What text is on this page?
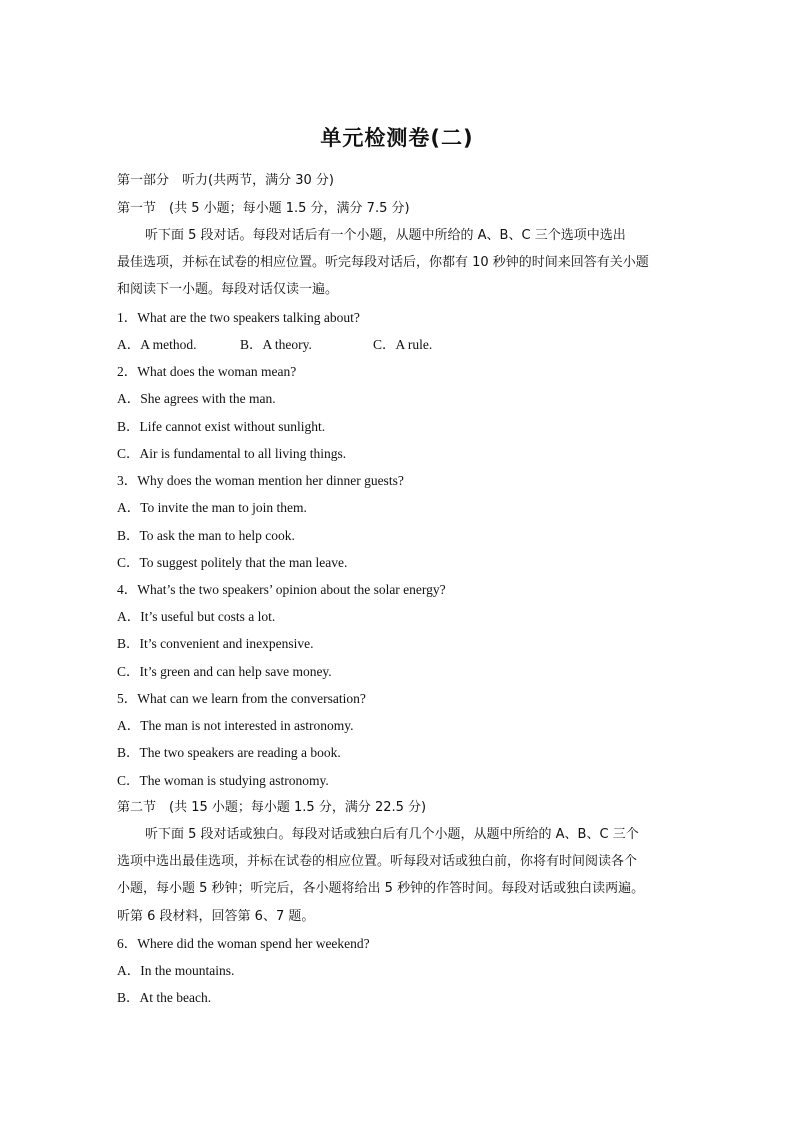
单元检测卷(二)
第一部分　听力(共两节，满分 30 分)
第一节　(共 5 小题；每小题 1.5 分，满分 7.5 分)
听下面 5 段对话。每段对话后有一个小题，从题中所给的 A、B、C 三个选项中选出
最佳选项，并标在试卷的相应位置。听完每段对话后，你都有 10 秒钟的时间来回答有关小题
和阅读下一小题。每段对话仅读一遍。
1．What are the two speakers talking about?
A．A method.	B．A theory.	C．A rule.
2．What does the woman mean?
A．She agrees with the man.
B．Life cannot exist without sunlight.
C．Air is fundamental to all living things.
3．Why does the woman mention her dinner guests?
A．To invite the man to join them.
B．To ask the man to help cook.
C．To suggest politely that the man leave.
4．What’s the two speakers’ opinion about the solar energy?
A．It’s useful but costs a lot.
B．It’s convenient and inexpensive.
C．It’s green and can help save money.
5．What can we learn from the conversation?
A．The man is not interested in astronomy.
B．The two speakers are reading a book.
C．The woman is studying astronomy.
第二节　(共 15 小题；每小题 1.5 分，满分 22.5 分)
听下面 5 段对话或独白。每段对话或独白后有几个小题，从题中所给的 A、B、C 三个
选项中选出最佳选项，并标在试卷的相应位置。听每段对话或独白前，你将有时间阅读各个
小题，每小题 5 秒钟；听完后，各小题将给出 5 秒钟的作答时间。每段对话或独白读两遍。
听第 6 段材料，回答第 6、7 题。
6．Where did the woman spend her weekend?
A．In the mountains.
B．At the beach.
